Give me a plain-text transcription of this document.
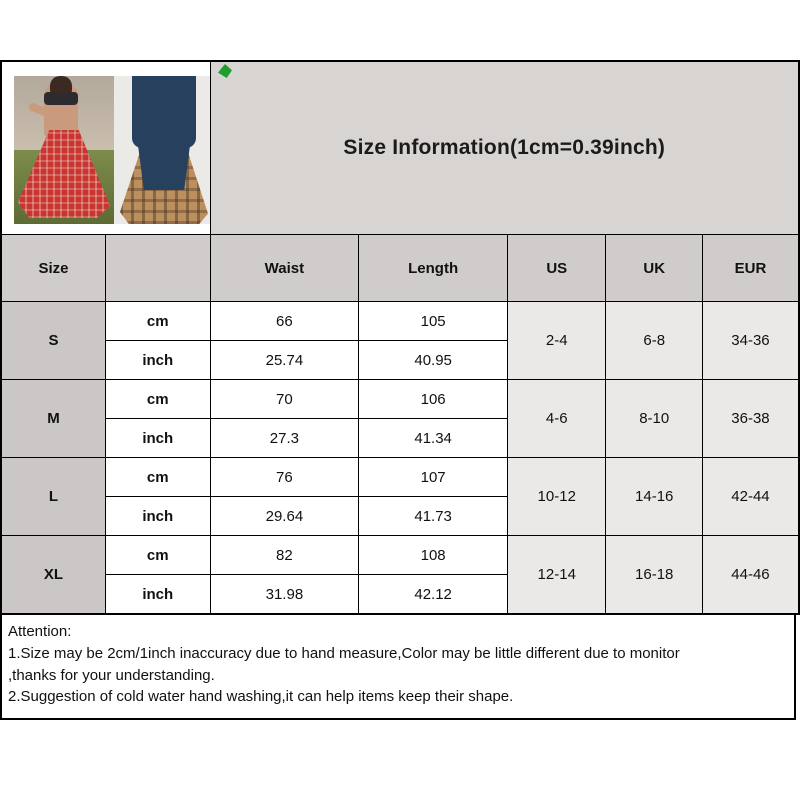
Size Information(1cm=0.39inch)				
Size		Waist	Length	US	UK	EUR
S	cm	66	105	2-4	6-8	34-36
	inch	25.74	40.95			
M	cm	70	106	4-6	8-10	36-38
	inch	27.3	41.34			
L	cm	76	107	10-12	14-16	42-44
	inch	29.64	41.73			
XL	cm	82	108	12-14	16-18	44-46
	inch	31.98	42.12			
Attention:
1.Size may be 2cm/1inch inaccuracy due to hand measure,Color may be little different due to monitor
,thanks for your understanding.
2.Suggestion of cold water hand washing,it can help items keep their shape.
